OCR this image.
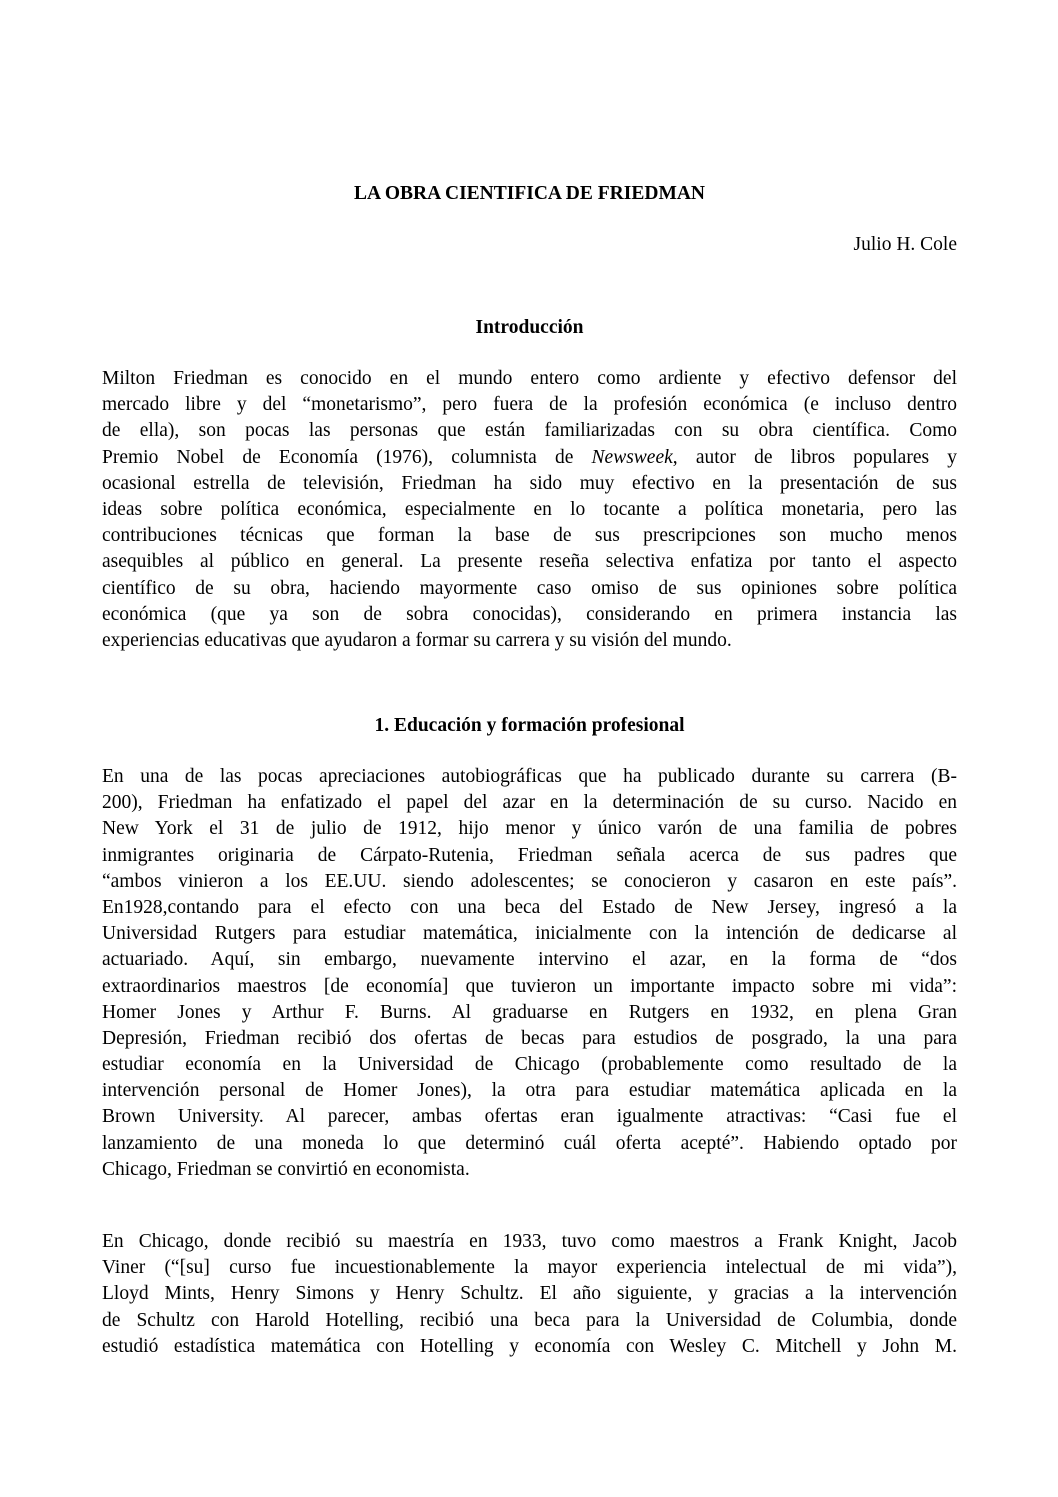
LA OBRA CIENTIFICA DE FRIEDMAN
Julio H. Cole
Introducción
Milton Friedman es conocido en el mundo entero como ardiente y efectivo defensor del
mercado libre y del “monetarismo”, pero fuera de la profesión económica (e incluso dentro
de ella), son pocas las personas que están familiarizadas con su obra científica. Como
Premio Nobel de Economía (1976), columnista de Newsweek, autor de libros populares y
ocasional estrella de televisión, Friedman ha sido muy efectivo en la presentación de sus
ideas sobre política económica, especialmente en lo tocante a política monetaria, pero las
contribuciones técnicas que forman la base de sus prescripciones son mucho menos
asequibles al público en general. La presente reseña selectiva enfatiza por tanto el aspecto
científico de su obra, haciendo mayormente caso omiso de sus opiniones sobre política
económica (que ya son de sobra conocidas), considerando en primera instancia las
experiencias educativas que ayudaron a formar su carrera y su visión del mundo.
1. Educación y formación profesional
En una de las pocas apreciaciones autobiográficas que ha publicado durante su carrera (B-
200), Friedman ha enfatizado el papel del azar en la determinación de su curso. Nacido en
New York el 31 de julio de 1912, hijo menor y único varón de una familia de pobres
inmigrantes originaria de Cárpato-Rutenia, Friedman señala acerca de sus padres que
“ambos vinieron a los EE.UU. siendo adolescentes; se conocieron y casaron en este país”.
En1928,contando para el efecto con una beca del Estado de New Jersey, ingresó a la
Universidad Rutgers para estudiar matemática, inicialmente con la intención de dedicarse al
actuariado. Aquí, sin embargo, nuevamente intervino el azar, en la forma de “dos
extraordinarios maestros [de economía] que tuvieron un importante impacto sobre mi vida”:
Homer Jones y Arthur F. Burns. Al graduarse en Rutgers en 1932, en plena Gran
Depresión, Friedman recibió dos ofertas de becas para estudios de posgrado, la una para
estudiar economía en la Universidad de Chicago (probablemente como resultado de la
intervención personal de Homer Jones), la otra para estudiar matemática aplicada en la
Brown University. Al parecer, ambas ofertas eran igualmente atractivas: “Casi fue el
lanzamiento de una moneda lo que determinó cuál oferta acepté”. Habiendo optado por
Chicago, Friedman se convirtió en economista.
En Chicago, donde recibió su maestría en 1933, tuvo como maestros a Frank Knight, Jacob
Viner (“[su] curso fue incuestionablemente la mayor experiencia intelectual de mi vida”),
Lloyd Mints, Henry Simons y Henry Schultz. El año siguiente, y gracias a la intervención
de Schultz con Harold Hotelling, recibió una beca para la Universidad de Columbia, donde
estudió estadística matemática con Hotelling y economía con Wesley C. Mitchell y John M.
